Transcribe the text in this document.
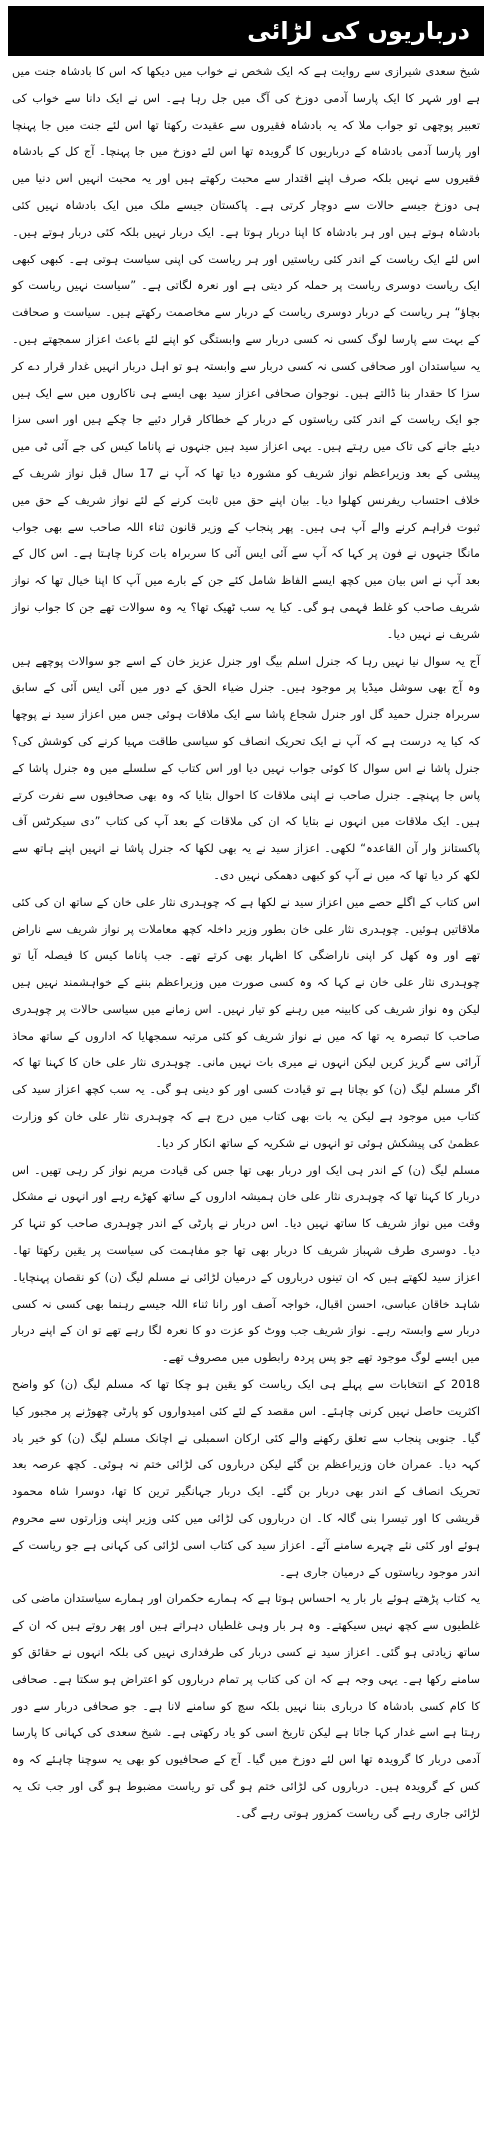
درباریوں کی لڑائی

شیخ سعدی شیرازی سے روایت ہے کہ ایک شخص نے خواب میں دیکھا کہ اس کا بادشاہ جنت میں ہے اور شہر کا ایک پارسا آدمی دوزخ کی آگ میں جل رہا ہے۔ اس نے ایک دانا سے خواب کی تعبیر پوچھی تو جواب ملا کہ یہ بادشاہ فقیروں سے عقیدت رکھتا تھا اس لئے جنت میں جا پہنچا اور پارسا آدمی بادشاہ کے درباریوں کا گرویدہ تھا اس لئے دوزخ میں جا پہنچا۔ آج کل کے بادشاہ فقیروں سے نہیں بلکہ صرف اپنے اقتدار سے محبت رکھتے ہیں اور یہ محبت انہیں اس دنیا میں ہی دوزخ جیسے حالات سے دوچار کرتی ہے۔ پاکستان جیسے ملک میں ایک بادشاہ نہیں کئی بادشاہ ہوتے ہیں اور ہر بادشاہ کا اپنا دربار ہوتا ہے۔ ایک دربار نہیں بلکہ کئی دربار ہوتے ہیں۔ اس لئے ایک ریاست کے اندر کئی ریاستیں اور ہر ریاست کی اپنی سیاست ہوتی ہے۔ کبھی کبھی ایک ریاست دوسری ریاست پر حملہ کر دیتی ہے اور نعرہ لگاتی ہے۔ ”سیاست نہیں ریاست کو بچاؤ“ ہر ریاست کے دربار دوسری ریاست کے دربار سے مخاصمت رکھتے ہیں۔ سیاست و صحافت کے بہت سے پارسا لوگ کسی نہ کسی دربار سے وابستگی کو اپنے لئے باعث اعزاز سمجھتے ہیں۔ یہ سیاستدان اور صحافی کسی نہ کسی دربار سے وابستہ ہو تو اہل دربار انہیں غدار قرار دے کر سزا کا حقدار بنا ڈالتے ہیں۔ نوجوان صحافی اعزاز سید بھی ایسے ہی ناکاروں میں سے ایک ہیں جو ایک ریاست کے اندر کئی ریاستوں کے دربار کے خطاکار قرار دئیے جا چکے ہیں اور اسی سزا دیئے جانے کی تاک میں رہتے ہیں۔ یہی اعزاز سید ہیں جنہوں نے پاناما کیس کی جے آئی ٹی میں پیشی کے بعد وزیراعظم نواز شریف کو مشورہ دیا تھا کہ آپ نے 17 سال قبل نواز شریف کے خلاف احتساب ریفرنس کھلوا دیا۔ بیان اپنے حق میں ثابت کرنے کے لئے نواز شریف کے حق میں ثبوت فراہم کرنے والے آپ ہی ہیں۔ پھر پنجاب کے وزیر قانون ثناء اللہ صاحب سے بھی جواب مانگا جنہوں نے فون پر کہا کہ آپ سے آئی ایس آئی کا سربراہ بات کرنا چاہتا ہے۔ اس کال کے بعد آپ نے اس بیان میں کچھ ایسے الفاظ شامل کئے جن کے بارے میں آپ کا اپنا خیال تھا کہ نواز شریف صاحب کو غلط فہمی ہو گی۔ کیا یہ سب ٹھیک تھا؟ یہ وہ سوالات تھے جن کا جواب نواز شریف نے نہیں دیا۔

آج یہ سوال نیا نہیں رہا کہ جنرل اسلم بیگ اور جنرل عزیز خان کے اسے جو سوالات پوچھے ہیں وہ آج بھی سوشل میڈیا پر موجود ہیں۔ جنرل ضیاء الحق کے دور میں آئی ایس آئی کے سابق سربراہ جنرل حمید گل اور جنرل شجاع پاشا سے ایک ملاقات ہوئی جس میں اعزاز سید نے پوچھا کہ کیا یہ درست ہے کہ آپ نے ایک تحریک انصاف کو سیاسی طاقت مہیا کرنے کی کوشش کی؟ جنرل پاشا نے اس سوال کا کوئی جواب نہیں دیا اور اس کتاب کے سلسلے میں وہ جنرل پاشا کے پاس جا پہنچے۔ جنرل صاحب نے اپنی ملاقات کا احوال بتایا کہ وہ بھی صحافیوں سے نفرت کرتے ہیں۔ ایک ملاقات میں انہوں نے بتایا کہ ان کی ملاقات کے بعد آپ کی کتاب ”دی سیکرٹس آف پاکستانز وار آن القاعدہ“ لکھی۔ اعزاز سید نے یہ بھی لکھا کہ جنرل پاشا نے انہیں اپنے ہاتھ سے لکھ کر دیا تھا کہ میں نے آپ کو کبھی دھمکی نہیں دی۔

اس کتاب کے اگلے حصے میں اعزاز سید نے لکھا ہے کہ چوہدری نثار علی خان کے ساتھ ان کی کئی ملاقاتیں ہوئیں۔ چوہدری نثار علی خان بطور وزیر داخلہ کچھ معاملات پر نواز شریف سے ناراض تھے اور وہ کھل کر اپنی ناراضگی کا اظہار بھی کرتے تھے۔ جب پاناما کیس کا فیصلہ آیا تو چوہدری نثار علی خان نے کہا کہ وہ کسی صورت میں وزیراعظم بننے کے خواہشمند نہیں ہیں لیکن وہ نواز شریف کی کابینہ میں رہنے کو تیار نہیں۔ اس زمانے میں سیاسی حالات پر چوہدری صاحب کا تبصرہ یہ تھا کہ میں نے نواز شریف کو کئی مرتبہ سمجھایا کہ اداروں کے ساتھ محاذ آرائی سے گریز کریں لیکن انہوں نے میری بات نہیں مانی۔ چوہدری نثار علی خان کا کہنا تھا کہ اگر مسلم لیگ (ن) کو بچانا ہے تو قیادت کسی اور کو دینی ہو گی۔ یہ سب کچھ اعزاز سید کی کتاب میں موجود ہے لیکن یہ بات بھی کتاب میں درج ہے کہ چوہدری نثار علی خان کو وزارت عظمیٰ کی پیشکش ہوئی تو انہوں نے شکریہ کے ساتھ انکار کر دیا۔

مسلم لیگ (ن) کے اندر ہی ایک اور دربار بھی تھا جس کی قیادت مریم نواز کر رہی تھیں۔ اس دربار کا کہنا تھا کہ چوہدری نثار علی خان ہمیشہ اداروں کے ساتھ کھڑے رہے اور انہوں نے مشکل وقت میں نواز شریف کا ساتھ نہیں دیا۔ اس دربار نے پارٹی کے اندر چوہدری صاحب کو تنہا کر دیا۔ دوسری طرف شہباز شریف کا دربار بھی تھا جو مفاہمت کی سیاست پر یقین رکھتا تھا۔ اعزاز سید لکھتے ہیں کہ ان تینوں درباروں کے درمیان لڑائی نے مسلم لیگ (ن) کو نقصان پہنچایا۔ شاہد خاقان عباسی، احسن اقبال، خواجہ آصف اور رانا ثناء اللہ جیسے رہنما بھی کسی نہ کسی دربار سے وابستہ رہے۔ نواز شریف جب ووٹ کو عزت دو کا نعرہ لگا رہے تھے تو ان کے اپنے دربار میں ایسے لوگ موجود تھے جو پس پردہ رابطوں میں مصروف تھے۔

2018 کے انتخابات سے پہلے ہی ایک ریاست کو یقین ہو چکا تھا کہ مسلم لیگ (ن) کو واضح اکثریت حاصل نہیں کرنی چاہئے۔ اس مقصد کے لئے کئی امیدواروں کو پارٹی چھوڑنے پر مجبور کیا گیا۔ جنوبی پنجاب سے تعلق رکھنے والے کئی ارکان اسمبلی نے اچانک مسلم لیگ (ن) کو خیر باد کہہ دیا۔ عمران خان وزیراعظم بن گئے لیکن درباروں کی لڑائی ختم نہ ہوئی۔ کچھ عرصہ بعد تحریک انصاف کے اندر بھی دربار بن گئے۔ ایک دربار جہانگیر ترین کا تھا، دوسرا شاہ محمود قریشی کا اور تیسرا بنی گالہ کا۔ ان درباروں کی لڑائی میں کئی وزیر اپنی وزارتوں سے محروم ہوئے اور کئی نئے چہرے سامنے آئے۔ اعزاز سید کی کتاب اسی لڑائی کی کہانی ہے جو ریاست کے اندر موجود ریاستوں کے درمیان جاری ہے۔

یہ کتاب پڑھتے ہوئے بار بار یہ احساس ہوتا ہے کہ ہمارے حکمران اور ہمارے سیاستدان ماضی کی غلطیوں سے کچھ نہیں سیکھتے۔ وہ ہر بار وہی غلطیاں دہراتے ہیں اور پھر روتے ہیں کہ ان کے ساتھ زیادتی ہو گئی۔ اعزاز سید نے کسی دربار کی طرفداری نہیں کی بلکہ انہوں نے حقائق کو سامنے رکھا ہے۔ یہی وجہ ہے کہ ان کی کتاب پر تمام درباروں کو اعتراض ہو سکتا ہے۔ صحافی کا کام کسی بادشاہ کا درباری بننا نہیں بلکہ سچ کو سامنے لانا ہے۔ جو صحافی دربار سے دور رہتا ہے اسے غدار کہا جاتا ہے لیکن تاریخ اسی کو یاد رکھتی ہے۔ شیخ سعدی کی کہانی کا پارسا آدمی دربار کا گرویدہ تھا اس لئے دوزخ میں گیا۔ آج کے صحافیوں کو بھی یہ سوچنا چاہئے کہ وہ کس کے گرویدہ ہیں۔ درباروں کی لڑائی ختم ہو گی تو ریاست مضبوط ہو گی اور جب تک یہ لڑائی جاری رہے گی ریاست کمزور ہوتی رہے گی۔
